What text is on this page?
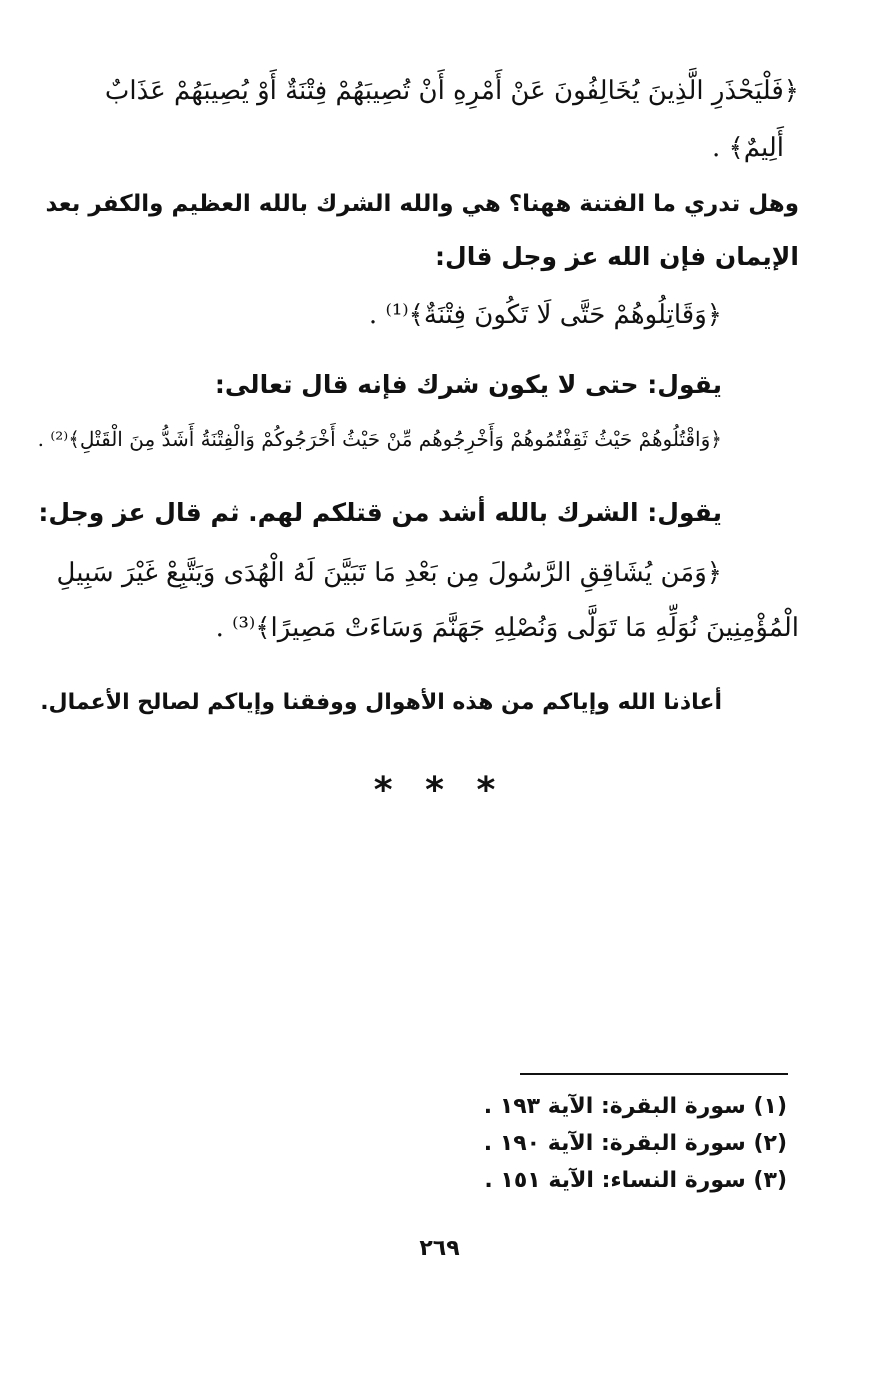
﴿فَلْيَحْذَرِ الَّذِينَ يُخَالِفُونَ عَنْ أَمْرِهِ أَنْ تُصِيبَهُمْ فِتْنَةٌ أَوْ يُصِيبَهُمْ عَذَابٌ
أَلِيمٌ﴾ .
وهل تدري ما الفتنة ههنا؟ هي والله الشرك بالله العظيم والكفر بعد
الإيمان فإن الله عز وجل قال:
﴿وَقَاتِلُوهُمْ حَتَّى لَا تَكُونَ فِتْنَةٌ﴾⁽¹⁾ .
يقول: حتى لا يكون شرك فإنه قال تعالى:
﴿وَاقْتُلُوهُمْ حَيْثُ ثَقِفْتُمُوهُمْ وَأَخْرِجُوهُم مِّنْ حَيْثُ أَخْرَجُوكُمْ وَالْفِتْنَةُ أَشَدُّ مِنَ الْقَتْلِ﴾⁽²⁾ .
يقول: الشرك بالله أشد من قتلكم لهم. ثم قال عز وجل:
﴿وَمَن يُشَاقِقِ الرَّسُولَ مِن بَعْدِ مَا تَبَيَّنَ لَهُ الْهُدَى وَيَتَّبِعْ غَيْرَ سَبِيلِ
الْمُؤْمِنِينَ نُوَلِّهِ مَا تَوَلَّى وَنُصْلِهِ جَهَنَّمَ وَسَاءَتْ مَصِيرًا﴾⁽³⁾ .
أعاذنا الله وإياكم من هذه الأهوال ووفقنا وإياكم لصالح الأعمال.
* * *
(١) سورة البقرة: الآية ١٩٣ .
(٢) سورة البقرة: الآية ١٩٠ .
(٣) سورة النساء: الآية ١٥١ .
٢٦٩
